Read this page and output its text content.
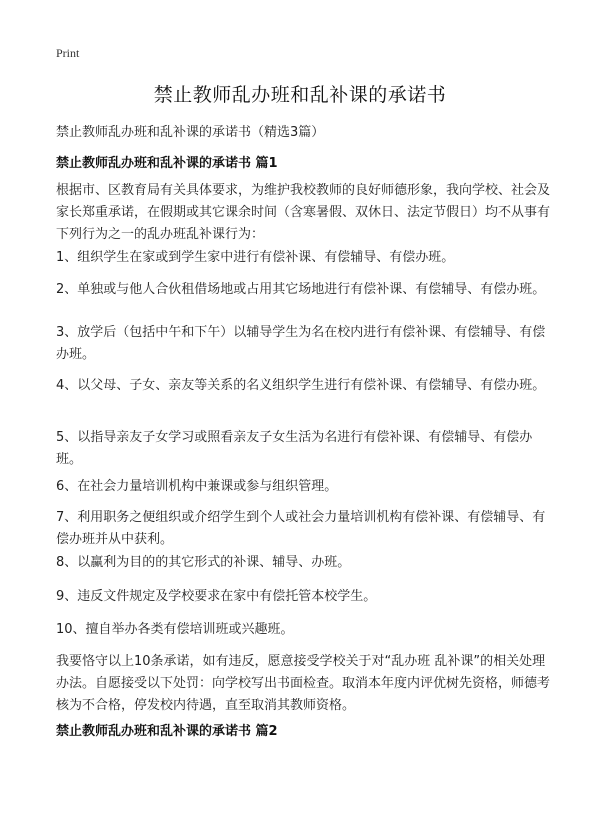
Print
禁止教师乱办班和乱补课的承诺书
禁止教师乱办班和乱补课的承诺书（精选3篇）
禁止教师乱办班和乱补课的承诺书 篇1
根据市、区教育局有关具体要求，为维护我校教师的良好师德形象，我向学校、社会及家长郑重承诺，在假期或其它课余时间（含寒暑假、双休日、法定节假日）均不从事有下列行为之一的乱办班乱补课行为：
1、组织学生在家或到学生家中进行有偿补课、有偿辅导、有偿办班。
2、单独或与他人合伙租借场地或占用其它场地进行有偿补课、有偿辅导、有偿办班。
3、放学后（包括中午和下午）以辅导学生为名在校内进行有偿补课、有偿辅导、有偿办班。
4、以父母、子女、亲友等关系的名义组织学生进行有偿补课、有偿辅导、有偿办班。
5、以指导亲友子女学习或照看亲友子女生活为名进行有偿补课、有偿辅导、有偿办班。
6、在社会力量培训机构中兼课或参与组织管理。
7、利用职务之便组织或介绍学生到个人或社会力量培训机构有偿补课、有偿辅导、有偿办班并从中获利。
8、以赢利为目的的其它形式的补课、辅导、办班。
9、违反文件规定及学校要求在家中有偿托管本校学生。
10、擅自举办各类有偿培训班或兴趣班。
我要恪守以上10条承诺，如有违反，愿意接受学校关于对“乱办班 乱补课”的相关处理办法。自愿接受以下处罚：向学校写出书面检查。取消本年度内评优树先资格，师德考核为不合格，停发校内待遇，直至取消其教师资格。
禁止教师乱办班和乱补课的承诺书 篇2
